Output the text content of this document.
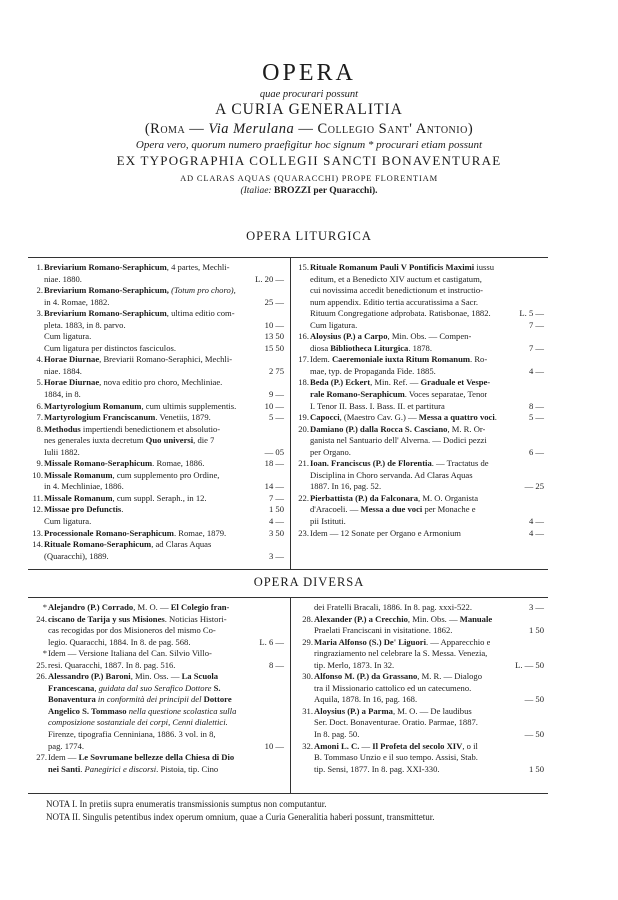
OPERA
quae procurari possunt
A CURIA GENERALITIA
(Roma — Via Merulana — Collegio Sant' Antonio)
Opera vero, quorum numero praefigitur hoc signum * procurari etiam possunt
EX TYPOGRAPHIA COLLEGII SANCTI BONAVENTURAE
AD CLARAS AQUAS (QUARACCHI) PROPE FLORENTIAM
(Italiae: BROZZI per Quaracchi).
OPERA LITURGICA
1. Breviarium Romano-Seraphicum, 4 partes, Mechli-
niae. 1880.	L. 20 —
2. Breviarium Romano-Seraphicum, (Totum pro choro),
in 4. Romae, 1882.	25 —
3. Breviarium Romano-Seraphicum, ultima editio com-
pleta. 1883, in 8. parvo.	10 —
Cum ligatura.	13 50
Cum ligatura per distinctos fasciculos.	15 50
4. Horae Diurnae, Breviarii Romano-Seraphici, Mechli-
niae. 1884.	2 75
5. Horae Diurnae, nova editio pro choro, Mechliniae.
1884, in 8.	9 —
6. Martyrologium Romanum, cum ultimis supplementis.	10 —
7. Martyrologium Franciscanum. Venetiis, 1879.	5 —
8. Methodus impertiendi benedictionem et absolutio-
nes generales iuxta decretum Quo universi, die 7
Iulii 1882.	— 05
9. Missale Romano-Seraphicum. Romae, 1886.	18 —
10. Missale Romanum, cum supplemento pro Ordine,
in 4. Mechliniae, 1886.	14 —
11. Missale Romanum, cum suppl. Seraph., in 12.	7 —
12. Missae pro Defunctis.	1 50
Cum ligatura.	4 —
13. Processionale Romano-Seraphicum. Romae, 1879.	3 50
14. Rituale Romano-Seraphicum, ad Claras Aquas
(Quaracchi), 1889.	3 —
15. Rituale Romanum Pauli V Pontificis Maximi iussu
editum, et a Benedicto XIV auctum et castigatum,
cui novissima accedit benedictionum et instructio-
num appendix. Editio tertia accuratissima a Sacr.
Rituum Congregatione adprobata. Ratisbonae, 1882.	L. 5 —
Cum ligatura.	7 —
16. Aloysius (P.) a Carpo, Min. Obs. — Compen-
diosa Bibliotheca Liturgica. 1878.	7 —
17. Idem. Caeremoniale iuxta Ritum Romanum. Ro-
mae, typ. de Propaganda Fide. 1885.	4 —
18. Beda (P.) Eckert, Min. Ref. — Graduale et Vespe-
rale Romano-Seraphicum. Voces separatae, Tenor
I. Tenor II. Bass. I. Bass. II. et partitura	8 —
19. Capocci, (Maestro Cav. G.) — Messa a quattro voci.	5 —
20. Damiano (P.) dalla Rocca S. Casciano, M. R. Or-
ganista nel Santuario dell' Alverna. — Dodici pezzi
per Organo.	6 —
21. Ioan. Franciscus (P.) de Florentia. — Tractatus de
Disciplina in Choro servanda. Ad Claras Aquas
1887. In 16, pag. 52.	— 25
22. Pierbattista (P.) da Falconara, M. O. Organista
d'Aracoeli. — Messa a due voci per Monache e
pii Istituti.	4 —
23. Idem — 12 Sonate per Organo e Armonium	4 —
OPERA DIVERSA
* 24.
Alejandro (P.) Corrado, M. O. — El Colegio fran-
ciscano de Tarija y sus Misiones. Noticias Histori-
cas recogidas por dos Misioneros del mismo Co-
legio. Quaracchi, 1884. In 8. de pag. 568.	L. 6 —
* 25.
Idem — Versione Italiana del Can. Silvio Villo-
resi. Quaracchi, 1887. In 8. pag. 516.	8 —
26. Alessandro (P.) Baroni, Min. Oss. — La Scuola
Francescana, guidata dal suo Serafico Dottore S.
Bonaventura in conformità dei principii del Dottore
Angelico S. Tommaso nella questione scolastica sulla
composizione sostanziale dei corpi, Cenni dialettici.
Firenze, tipografia Cenniniana, 1886. 3 vol. in 8,
pag. 1774.	10 —
27. Idem — Le Sovrumane bellezze della Chiesa di Dio
nei Santi. Panegirici e discorsi. Pistoia, tip. Cino
dei Fratelli Bracali, 1886. In 8. pag. xxxi-522.	3 —
28. Alexander (P.) a Crecchio, Min. Obs. — Manuale
Praelati Franciscani in visitatione. 1862.	1 50
29. Maria Alfonso (S.) De' Liguori. — Apparecchio e
ringraziamento nel celebrare la S. Messa. Venezia,
tip. Merlo, 1873. In 32.	L. — 50
30. Alfonso M. (P.) da Grassano, M. R. — Dialogo
tra il Missionario cattolico ed un catecumeno.
Aquila, 1878. In 16, pag. 168.	— 50
31. Aloysius (P.) a Parma, M. O. — De laudibus
Ser. Doct. Bonaventurae. Oratio. Parmae, 1887.
In 8. pag. 50.	— 50
32. Amoni L. C. — Il Profeta del secolo XIV, o il
B. Tommaso Unzio e il suo tempo. Assisi, Stab.
tip. Sensi, 1877. In 8. pag. XXI-330.	1 50
NOTA I. In pretiis supra enumeratis transmissionis sumptus non computantur.
NOTA II. Singulis petentibus index operum omnium, quae a Curia Generalitia haberi possunt, transmittetur.
